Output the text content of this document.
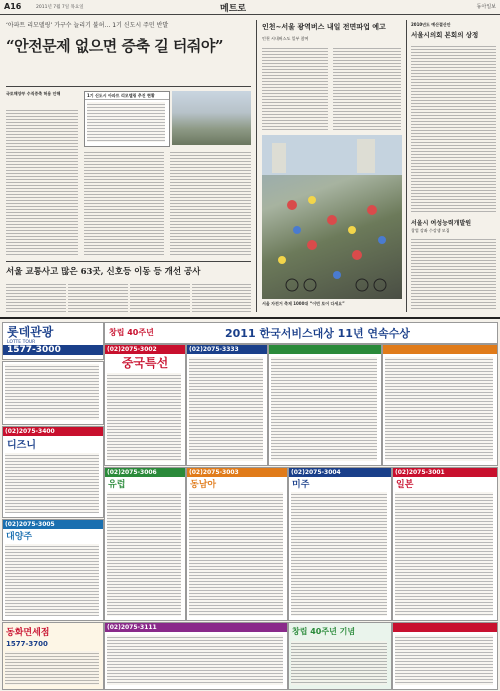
A16	2011년 7월 7일 목요일	메트로	동아일보
‘아파트 리모델링’ 가구수 늘리기 불허… 1기 신도시 주민 반발
“안전문제 없으면 증축 길 터줘야”
국토해양부 수직증축 허용 안해	1기 신도시 아파트 리모델링 추진 현황
인천~서울 광역버스 내일 전면파업 예고
인천 시내버스도 일부 참여
2010년도 예산결산안
서울시의회 본회의 상정
서울시 여성능력개발원
창업 강좌 수강생 모집
서울 자전거 축제 1000대 “이번 토어 다세요”
서울 교통사고 많은 63곳, 신호등 이동 등 개선 공사
롯데관광
LOTTE TOUR
1577-3000
창립 40주년	2011 한국서비스대상 11년 연속수상
(02)2075-3002
중국특선
(02)2075-3333

(02)2075-3400
디즈니
(02)2075-3006
유럽
(02)2075-3003
동남아
(02)2075-3004
미주
(02)2075-3001
일본
(02)2075-3005
대양주
동화면세점
1577-3700
(02)2075-3111	창립 40주년 기념
